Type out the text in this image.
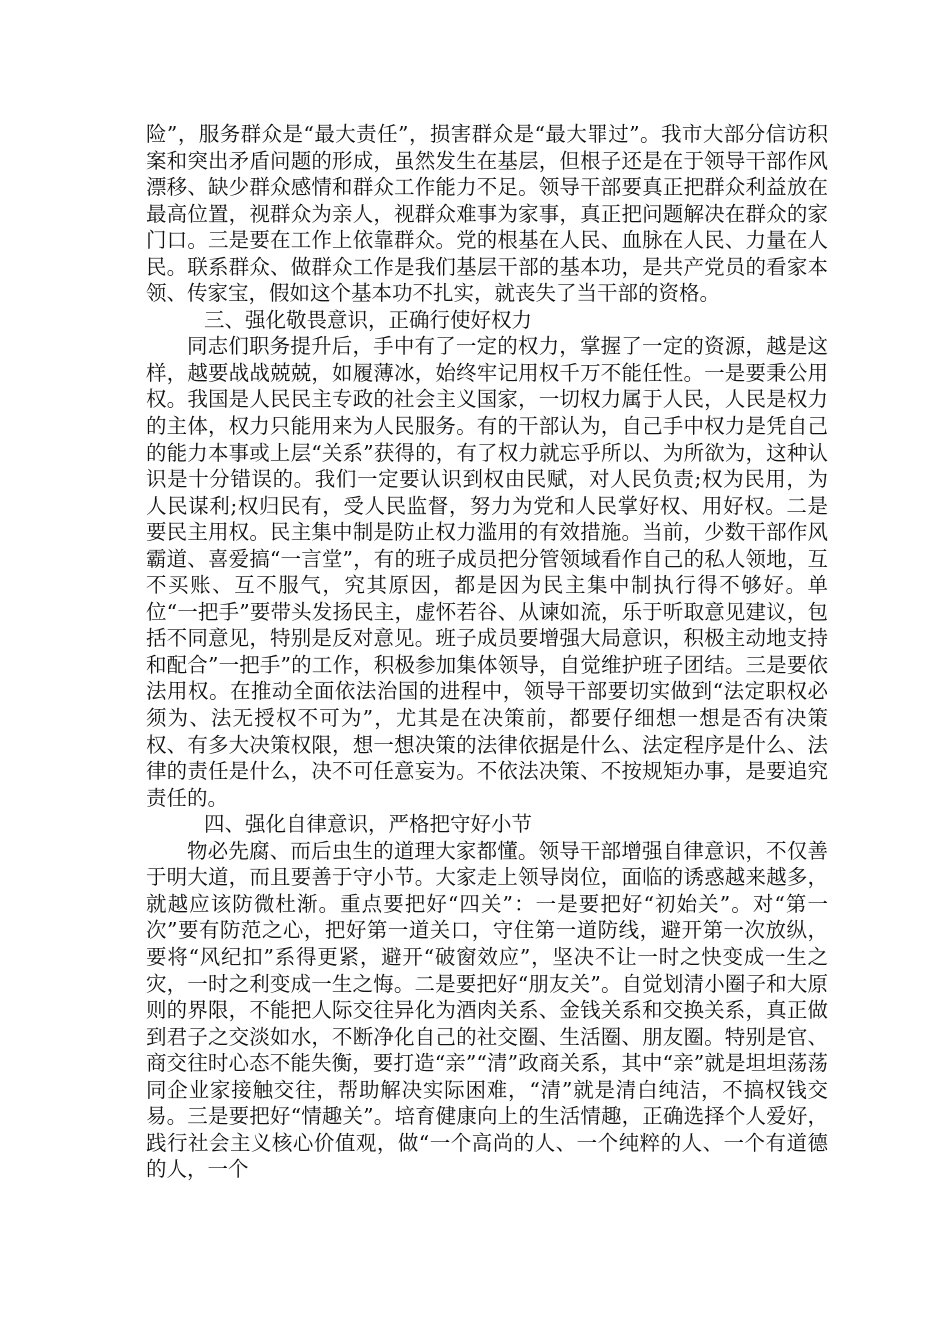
险”，服务群众是“最大责任”，损害群众是“最大罪过”。我市大部分信访积案和突出矛盾问题的形成，虽然发生在基层，但根子还是在于领导干部作风漂移、缺少群众感情和群众工作能力不足。领导干部要真正把群众利益放在最高位置，视群众为亲人，视群众难事为家事，真正把问题解决在群众的家门口。三是要在工作上依靠群众。党的根基在人民、血脉在人民、力量在人民。联系群众、做群众工作是我们基层干部的基本功，是共产党员的看家本领、传家宝，假如这个基本功不扎实，就丧失了当干部的资格。

三、强化敬畏意识，正确行使好权力

同志们职务提升后，手中有了一定的权力，掌握了一定的资源，越是这样，越要战战兢兢，如履薄冰，始终牢记用权千万不能任性。一是要秉公用权。我国是人民民主专政的社会主义国家，一切权力属于人民，人民是权力的主体，权力只能用来为人民服务。有的干部认为，自己手中权力是凭自己的能力本事或上层“关系”获得的，有了权力就忘乎所以、为所欲为，这种认识是十分错误的。我们一定要认识到权由民赋，对人民负责;权为民用，为人民谋利;权归民有，受人民监督，努力为党和人民掌好权、用好权。二是要民主用权。民主集中制是防止权力滥用的有效措施。当前，少数干部作风霸道、喜爱搞“一言堂”，有的班子成员把分管领域看作自己的私人领地，互不买账、互不服气，究其原因，都是因为民主集中制执行得不够好。单位“一把手”要带头发扬民主，虚怀若谷、从谏如流，乐于听取意见建议，包括不同意见，特别是反对意见。班子成员要增强大局意识，积极主动地支持和配合”一把手”的工作，积极参加集体领导，自觉维护班子团结。三是要依法用权。在推动全面依法治国的进程中，领导干部要切实做到“法定职权必须为、法无授权不可为”，尤其是在决策前，都要仔细想一想是否有决策权、有多大决策权限，想一想决策的法律依据是什么、法定程序是什么、法律的责任是什么，决不可任意妄为。不依法决策、不按规矩办事，是要追究责任的。

四、强化自律意识，严格把守好小节

物必先腐、而后虫生的道理大家都懂。领导干部增强自律意识，不仅善于明大道，而且要善于守小节。大家走上领导岗位，面临的诱惑越来越多，就越应该防微杜渐。重点要把好“四关”：一是要把好“初始关”。对“第一次”要有防范之心，把好第一道关口，守住第一道防线，避开第一次放纵，要将“风纪扣”系得更紧，避开“破窗效应”，坚决不让一时之快变成一生之灾，一时之利变成一生之悔。二是要把好“朋友关”。自觉划清小圈子和大原则的界限，不能把人际交往异化为酒肉关系、金钱关系和交换关系，真正做到君子之交淡如水，不断净化自己的社交圈、生活圈、朋友圈。特别是官、商交往时心态不能失衡，要打造“亲”“清”政商关系，其中“亲”就是坦坦荡荡同企业家接触交往，帮助解决实际困难，“清”就是清白纯洁，不搞权钱交易。三是要把好“情趣关”。培育健康向上的生活情趣，正确选择个人爱好，践行社会主义核心价值观，做“一个高尚的人、一个纯粹的人、一个有道德的人，一个
